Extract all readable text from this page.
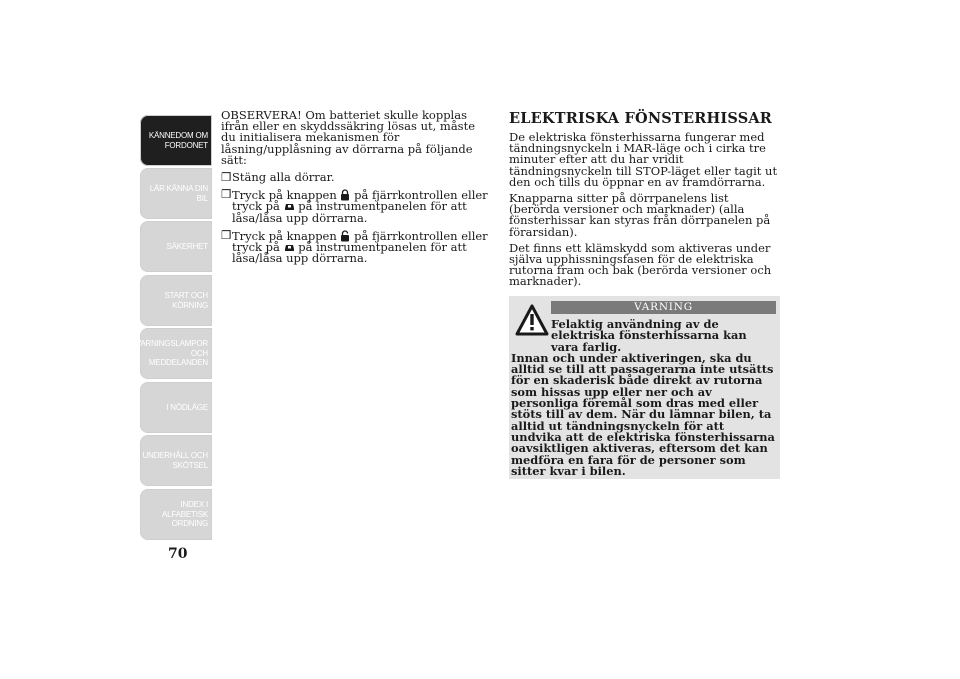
KÄNNEDOM OM
FORDONET
LÄR KÄNNA DIN
BIL
SÄKERHET
START OCH
KÖRNING
VARNINGSLAMPOR
OCH
MEDDELANDEN
I NÖDLÄGE
UNDERHÅLL OCH
SKÖTSEL
INDEX I
ALFABETISK
ORDNING
70

OBSERVERA! Om batteriet skulle kopplas ifrån eller en skyddssäkring lösas ut, måste du initialisera mekanismen för låsning/upplåsning av dörrarna på följande sätt:

❒ Stäng alla dörrar.
❒ Tryck på knappen på fjärrkontrollen eller tryck på på instrumentpanelen för att låsa/låsa upp dörrarna.
❒ Tryck på knappen på fjärrkontrollen eller tryck på på instrumentpanelen för att låsa/låsa upp dörrarna.
ELEKTRISKA FÖNSTERHISSAR

De elektriska fönsterhissarna fungerar med tändningsnyckeln i MAR-läge och i cirka tre minuter efter att du har vridit tändningsnyckeln till STOP-läget eller tagit ut den och tills du öppnar en av framdörrarna.

Knapparna sitter på dörrpanelens list (berörda versioner och marknader) (alla fönsterhissar kan styras från dörrpanelen på förarsidan).

Det finns ett klämskydd som aktiveras under själva upphissningsfasen för de elektriska rutorna fram och bak (berörda versioner och marknader).

VARNING
Felaktig användning av de elektriska fönsterhissarna kan vara farlig.
Innan och under aktiveringen, ska du alltid se till att passagerarna inte utsätts för en skaderisk både direkt av rutorna som hissas upp eller ner och av personliga föremål som dras med eller stöts till av dem. När du lämnar bilen, ta alltid ut tändningsnyckeln för att undvika att de elektriska fönsterhissarna oavsiktligen aktiveras, eftersom det kan medföra en fara för de personer som sitter kvar i bilen.
